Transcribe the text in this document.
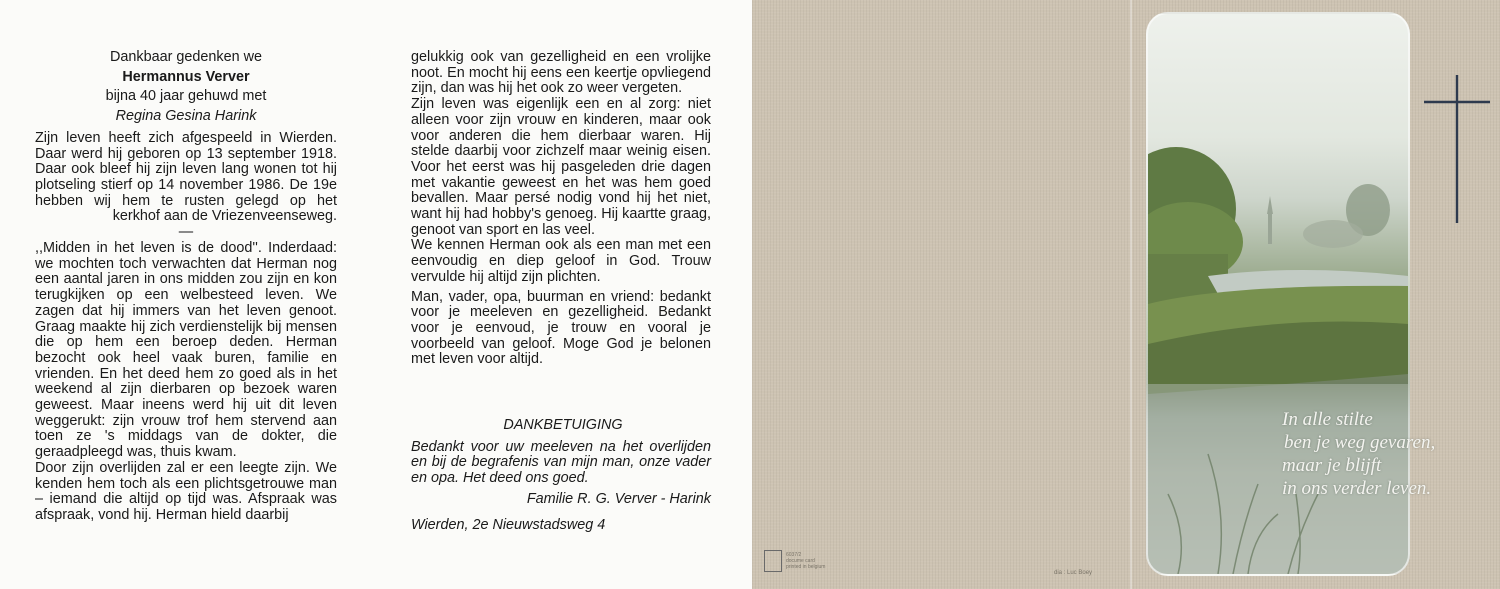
Dankbaar gedenken we

Hermannus Verver

bijna 40 jaar gehuwd met

Regina Gesina Harink

Zijn leven heeft zich afgespeeld in Wierden. Daar werd hij geboren op 13 september 1918. Daar ook bleef hij zijn leven lang wonen tot hij plotseling stierf op 14 november 1986. De 19e hebben wij hem te rusten gelegd op het kerkhof aan de Vriezenveenseweg.

—

,,Midden in het leven is de dood''. Inderdaad: we mochten toch verwachten dat Herman nog een aantal jaren in ons midden zou zijn en kon terugkijken op een welbesteed leven. We zagen dat hij immers van het leven genoot. Graag maakte hij zich verdienstelijk bij mensen die op hem een beroep deden. Herman bezocht ook heel vaak buren, familie en vrienden. En het deed hem zo goed als in het weekend al zijn dierbaren op bezoek waren geweest. Maar ineens werd hij uit dit leven weggerukt: zijn vrouw trof hem stervend aan toen ze 's middags van de dokter, die geraadpleegd was, thuis kwam.

Door zijn overlijden zal er een leegte zijn. We kenden hem toch als een plichtsgetrouwe man – iemand die altijd op tijd was. Afspraak was afspraak, vond hij. Herman hield daarbij

gelukkig ook van gezelligheid en een vrolijke noot. En mocht hij eens een keertje opvliegend zijn, dan was hij het ook zo weer vergeten.

Zijn leven was eigenlijk een en al zorg: niet alleen voor zijn vrouw en kinderen, maar ook voor anderen die hem dierbaar waren. Hij stelde daarbij voor zichzelf maar weinig eisen. Voor het eerst was hij pasgeleden drie dagen met vakantie geweest en het was hem goed bevallen. Maar persé nodig vond hij het niet, want hij had hobby's genoeg. Hij kaartte graag, genoot van sport en las veel.

We kennen Herman ook als een man met een eenvoudig en diep geloof in God. Trouw vervulde hij altijd zijn plichten.

Man, vader, opa, buurman en vriend: bedankt voor je meeleven en gezelligheid. Bedankt voor je eenvoud, je trouw en vooral je voorbeeld van geloof. Moge God je belonen met leven voor altijd.

DANKBETUIGING

Bedankt voor uw meeleven na het overlijden en bij de begrafenis van mijn man, onze vader en opa. Het deed ons goed.

Familie R. G. Verver - Harink

Wierden, 2e Nieuwstadsweg 4

In alle stilte
ben je weg gevaren,
maar je blijft
in ons verder leven.
6037/2
docume card
printed in belgium
dia : Luc Boey
